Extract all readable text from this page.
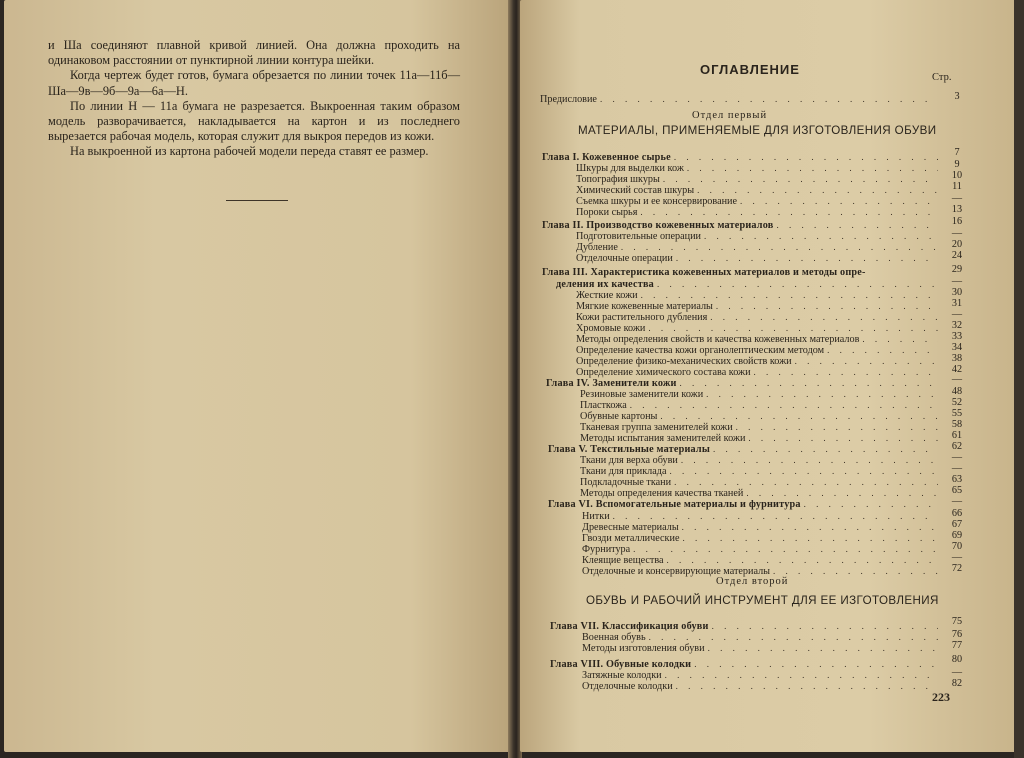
и Ша соединяют плавной кривой линией. Она должна проходить на одинаковом расстоянии от пунктирной линии контура шейки.

Когда чертеж будет готов, бумага обрезается по линии точек 11а—11б—Ша—9в—9б—9а—6а—Н.

По линии Н — 11а бумага не разрезается. Выкроенная таким образом модель разворачивается, накладывается на картон и из последнего вырезается рабочая модель, которая служит для выкроя передов из кожи.

На выкроенной из картона рабочей модели переда ставят ее размер.

ОГЛАВЛЕНИЕ
Стр.
Отдел первый
МАТЕРИАЛЫ, ПРИМЕНЯЕМЫЕ ДЛЯ ИЗГОТОВЛЕНИЯ ОБУВИ
Отдел второй
ОБУВЬ И РАБОЧИЙ ИНСТРУМЕНТ ДЛЯ ЕЕ ИЗГОТОВЛЕНИЯ
Предисловие . . .	3
Глава I. Кожевенное сырье . . .	7
Шкуры для выделки кож . . .	9
Топография шкуры . . .	10
Химический состав шкуры . . .	11
Съемка шкуры и ее консервирование . . .	—
Пороки сырья . . .	13
Глава II. Производство кожевенных материалов . . .	16
Подготовительные операции . . .	—
Дубление . . .	20
Отделочные операции . . .	24
Глава III. Характеристика кожевенных материалов и методы опре-	29
деления их качества . . .	—
Жесткие кожи . . .	30
Мягкие кожевенные материалы . . .	31
Кожи растительного дубления . . .	—
Хромовые кожи . . .	32
Методы определения свойств и качества кожевенных материалов . . .	33
Определение качества кожи органолептическим методом . . .	34
Определение физико-механических свойств кожи . . .	38
Определение химического состава кожи . . .	42
Глава IV. Заменители кожи . . .	—
Резиновые заменители кожи . . .	48
Пласткожа . . .	52
Обувные картоны . . .	55
Тканевая группа заменителей кожи . . .	58
Методы испытания заменителей кожи . . .	61
Глава V. Текстильные материалы . . .	62
Ткани для верха обуви . . .	—
Ткани для приклада . . .	—
Подкладочные ткани . . .	63
Методы определения качества тканей . . .	65
Глава VI. Вспомогательные материалы и фурнитура . . .	—
Нитки . . .	66
Древесные материалы . . .	67
Гвозди металлические . . .	69
Фурнитура . . .	70
Клеящие вещества . . .	—
Отделочные и консервирующие материалы . . .	72
Глава VII. Классификация обуви . . .	75
Военная обувь . . .	76
Методы изготовления обуви . . .	77
Глава VIII. Обувные колодки . . .	80
Затяжные колодки . . .	—
Отделочные колодки . . .	82
223
